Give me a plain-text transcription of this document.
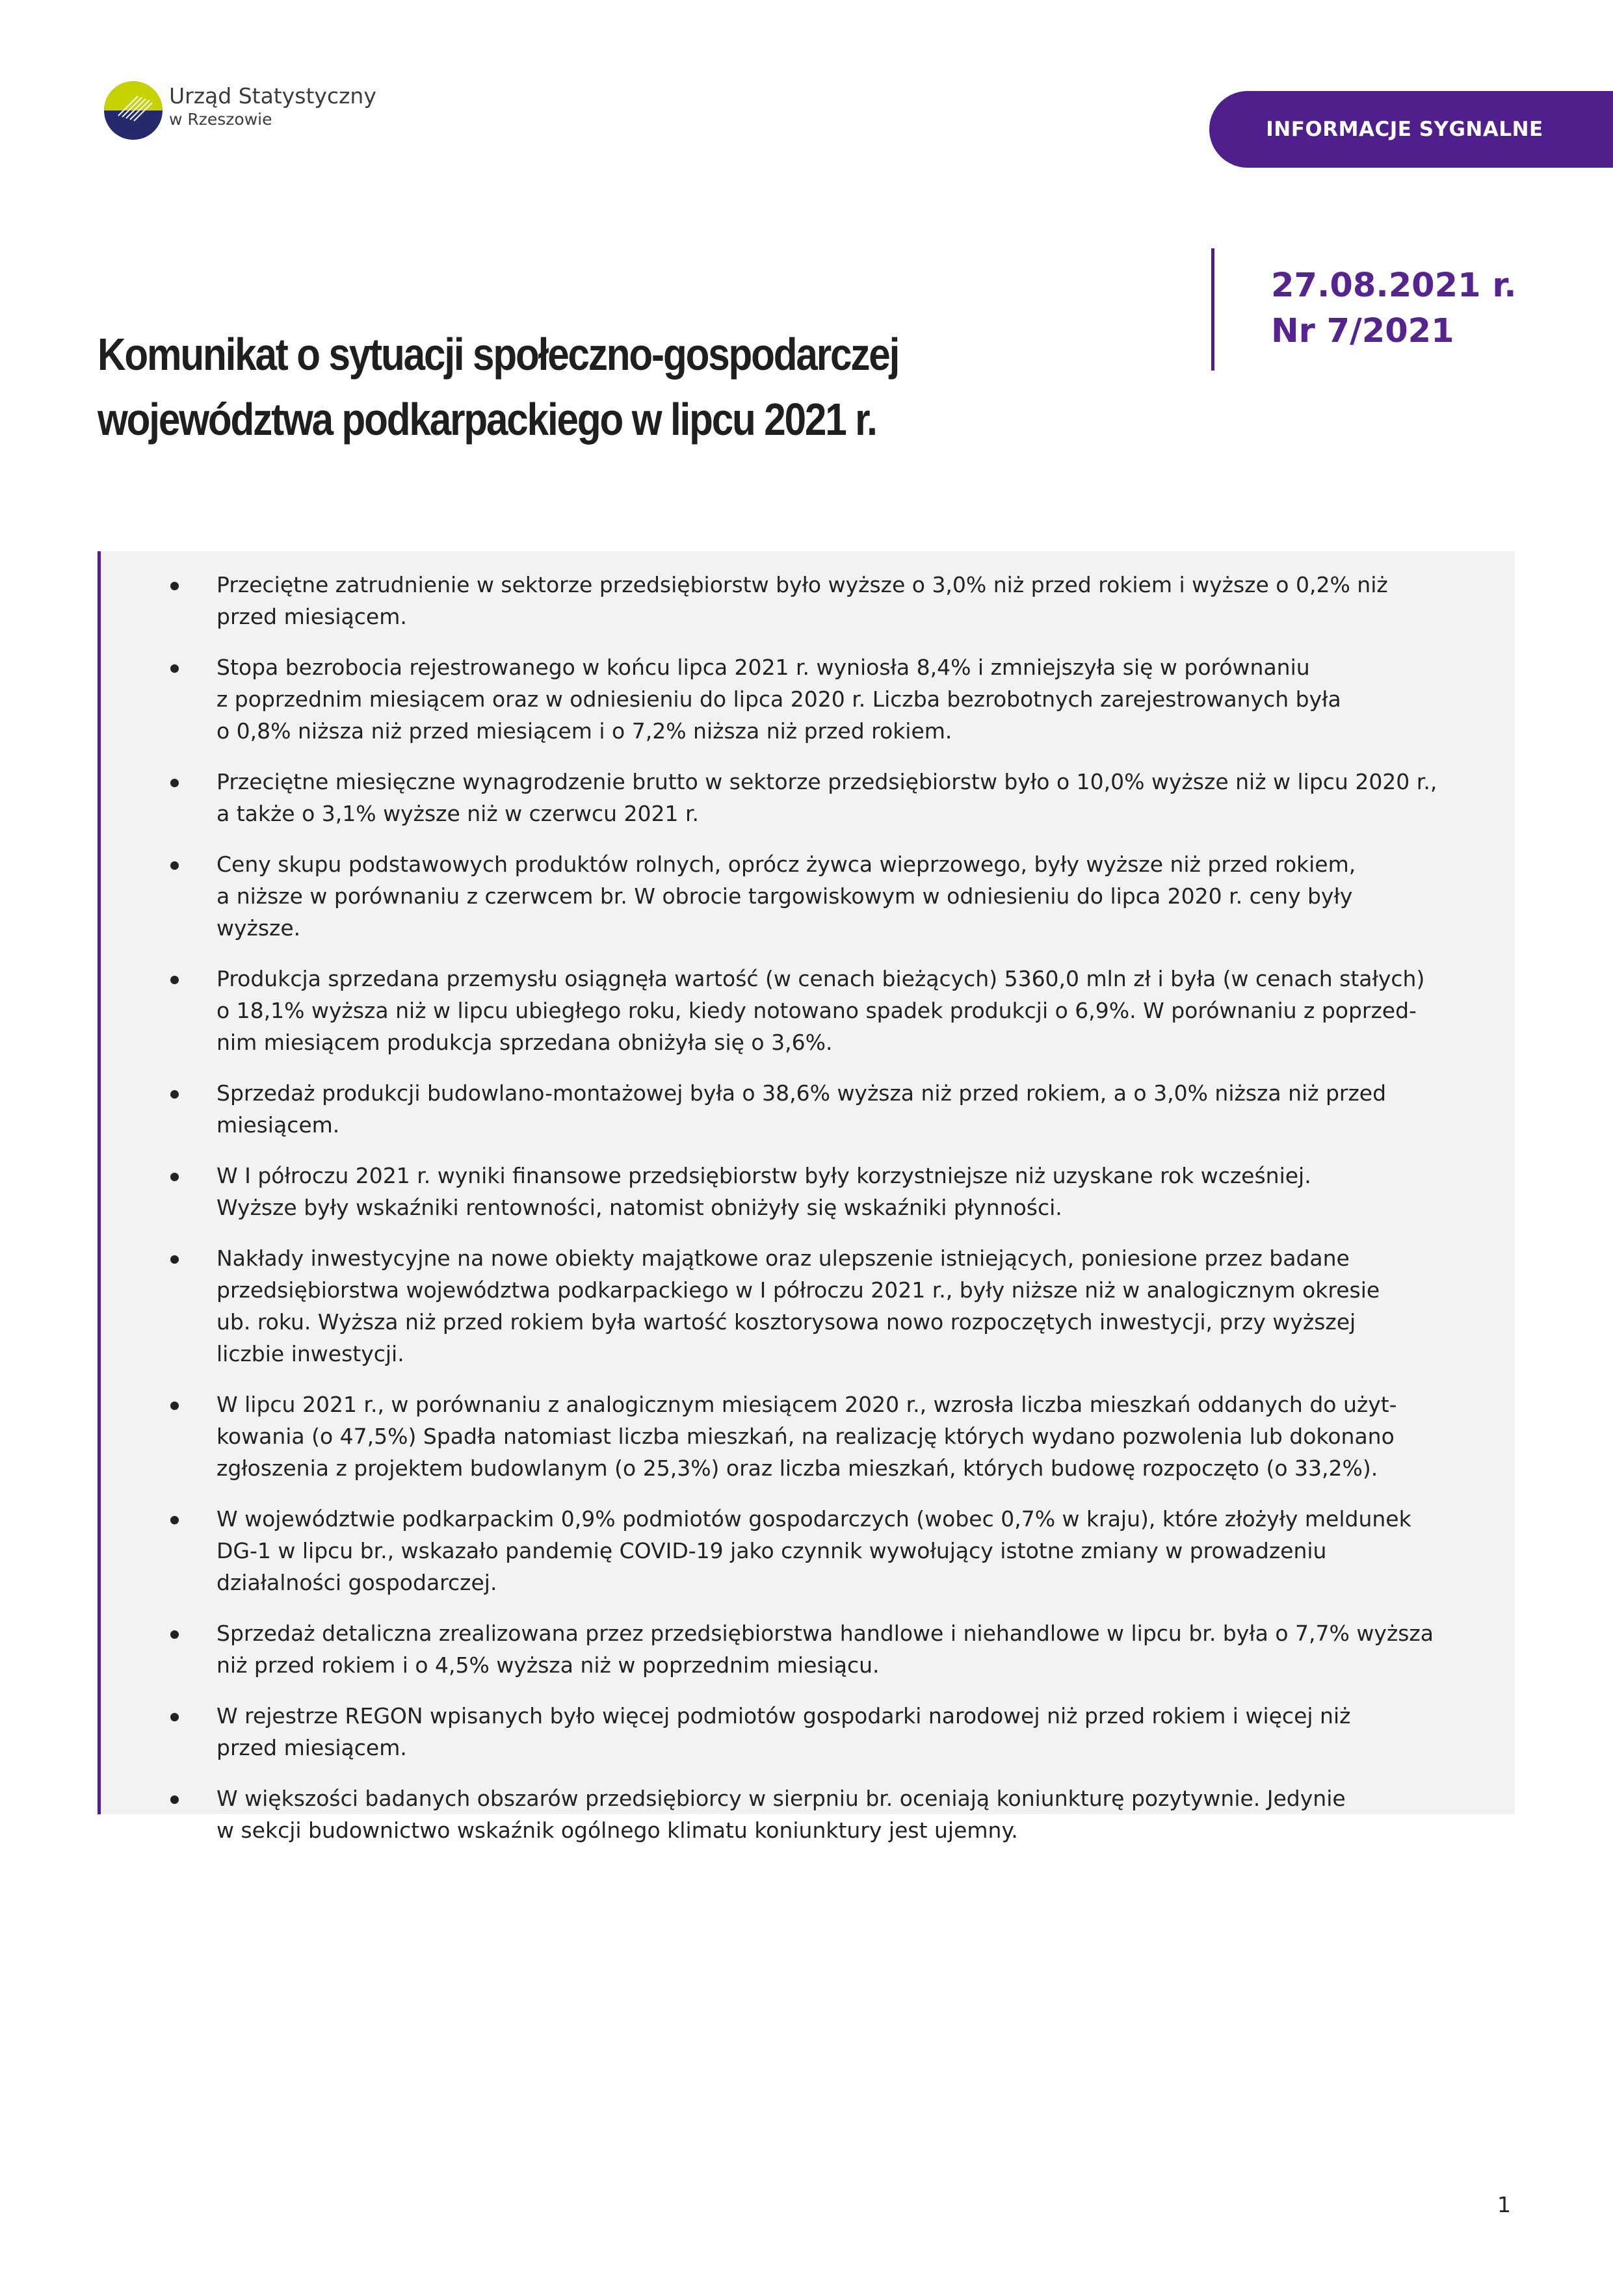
Urząd Statystyczny
w Rzeszowie	INFORMACJE SYGNALNE
Komunikat o sytuacji społeczno-gospodarczej
województwa podkarpackiego w lipcu 2021 r.
27.08.2021 r.
Nr 7/2021
Przeciętne zatrudnienie w sektorze przedsiębiorstw było wyższe o 3,0% niż przed rokiem i wyższe o 0,2% niż
przed miesiącem.
Stopa bezrobocia rejestrowanego w końcu lipca 2021 r. wyniosła 8,4% i zmniejszyła się w porównaniu
z poprzednim miesiącem oraz w odniesieniu do lipca 2020 r. Liczba bezrobotnych zarejestrowanych była
o 0,8% niższa niż przed miesiącem i o 7,2% niższa niż przed rokiem.
Przeciętne miesięczne wynagrodzenie brutto w sektorze przedsiębiorstw było o 10,0% wyższe niż w lipcu 2020 r.,
a także o 3,1% wyższe niż w czerwcu 2021 r.
Ceny skupu podstawowych produktów rolnych, oprócz żywca wieprzowego, były wyższe niż przed rokiem,
a niższe w porównaniu z czerwcem br. W obrocie targowiskowym w odniesieniu do lipca 2020 r. ceny były
wyższe.
Produkcja sprzedana przemysłu osiągnęła wartość (w cenach bieżących) 5360,0 mln zł i była (w cenach stałych)
o 18,1% wyższa niż w lipcu ubiegłego roku, kiedy notowano spadek produkcji o 6,9%. W porównaniu z poprzed-
nim miesiącem produkcja sprzedana obniżyła się o 3,6%.
Sprzedaż produkcji budowlano-montażowej była o 38,6% wyższa niż przed rokiem, a o 3,0% niższa niż przed
miesiącem.
W I półroczu 2021 r. wyniki finansowe przedsiębiorstw były korzystniejsze niż uzyskane rok wcześniej.
Wyższe były wskaźniki rentowności, natomist obniżyły się wskaźniki płynności.
Nakłady inwestycyjne na nowe obiekty majątkowe oraz ulepszenie istniejących, poniesione przez badane
przedsiębiorstwa województwa podkarpackiego w I półroczu 2021 r., były niższe niż w analogicznym okresie
ub. roku. Wyższa niż przed rokiem była wartość kosztorysowa nowo rozpoczętych inwestycji, przy wyższej
liczbie inwestycji.
W lipcu 2021 r., w porównaniu z analogicznym miesiącem 2020 r., wzrosła liczba mieszkań oddanych do użyt-
kowania (o 47,5%) Spadła natomiast liczba mieszkań, na realizację których wydano pozwolenia lub dokonano
zgłoszenia z projektem budowlanym (o 25,3%) oraz liczba mieszkań, których budowę rozpoczęto (o 33,2%).
W województwie podkarpackim 0,9% podmiotów gospodarczych (wobec 0,7% w kraju), które złożyły meldunek
DG-1 w lipcu br., wskazało pandemię COVID-19 jako czynnik wywołujący istotne zmiany w prowadzeniu
działalności gospodarczej.
Sprzedaż detaliczna zrealizowana przez przedsiębiorstwa handlowe i niehandlowe w lipcu br. była o 7,7% wyższa
niż przed rokiem i o 4,5% wyższa niż w poprzednim miesiącu.
W rejestrze REGON wpisanych było więcej podmiotów gospodarki narodowej niż przed rokiem i więcej niż
przed miesiącem.
W większości badanych obszarów przedsiębiorcy w sierpniu br. oceniają koniunkturę pozytywnie. Jedynie
w sekcji budownictwo wskaźnik ogólnego klimatu koniunktury jest ujemny.
1
